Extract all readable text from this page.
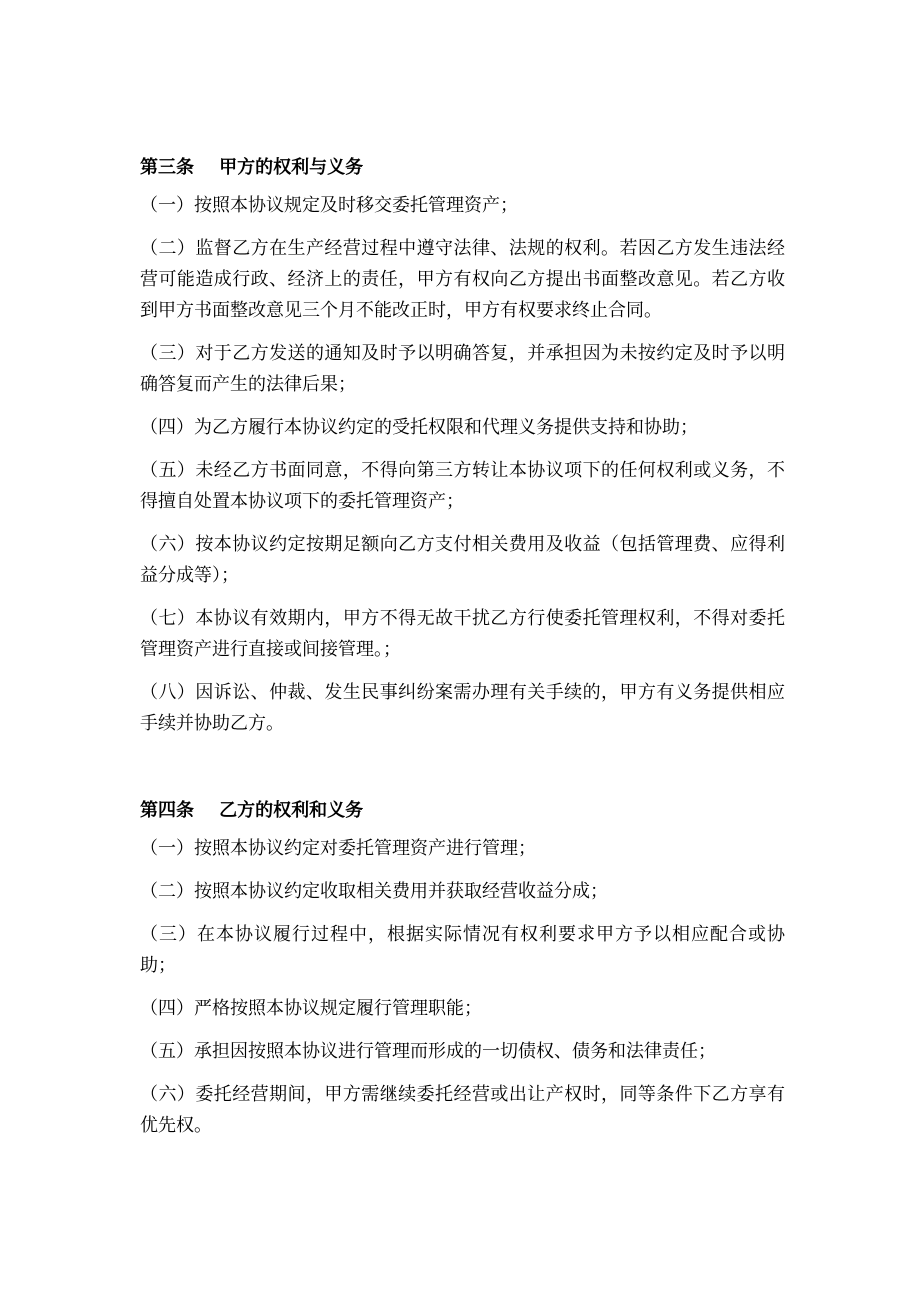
第三条    甲方的权利与义务

（一）按照本协议规定及时移交委托管理资产；

（二）监督乙方在生产经营过程中遵守法律、法规的权利。若因乙方发生违法经营可能造成行政、经济上的责任，甲方有权向乙方提出书面整改意见。若乙方收到甲方书面整改意见三个月不能改正时，甲方有权要求终止合同。

（三）对于乙方发送的通知及时予以明确答复，并承担因为未按约定及时予以明确答复而产生的法律后果；

（四）为乙方履行本协议约定的受托权限和代理义务提供支持和协助；

（五）未经乙方书面同意，不得向第三方转让本协议项下的任何权利或义务，不得擅自处置本协议项下的委托管理资产；

（六）按本协议约定按期足额向乙方支付相关费用及收益（包括管理费、应得利益分成等）；

（七）本协议有效期内，甲方不得无故干扰乙方行使委托管理权利，不得对委托管理资产进行直接或间接管理。；

（八）因诉讼、仲裁、发生民事纠纷案需办理有关手续的，甲方有义务提供相应手续并协助乙方。

第四条    乙方的权利和义务

（一）按照本协议约定对委托管理资产进行管理；

（二）按照本协议约定收取相关费用并获取经营收益分成；

（三）在本协议履行过程中，根据实际情况有权利要求甲方予以相应配合或协助；

（四）严格按照本协议规定履行管理职能；

（五）承担因按照本协议进行管理而形成的一切债权、债务和法律责任；

（六）委托经营期间，甲方需继续委托经营或出让产权时，同等条件下乙方享有优先权。
